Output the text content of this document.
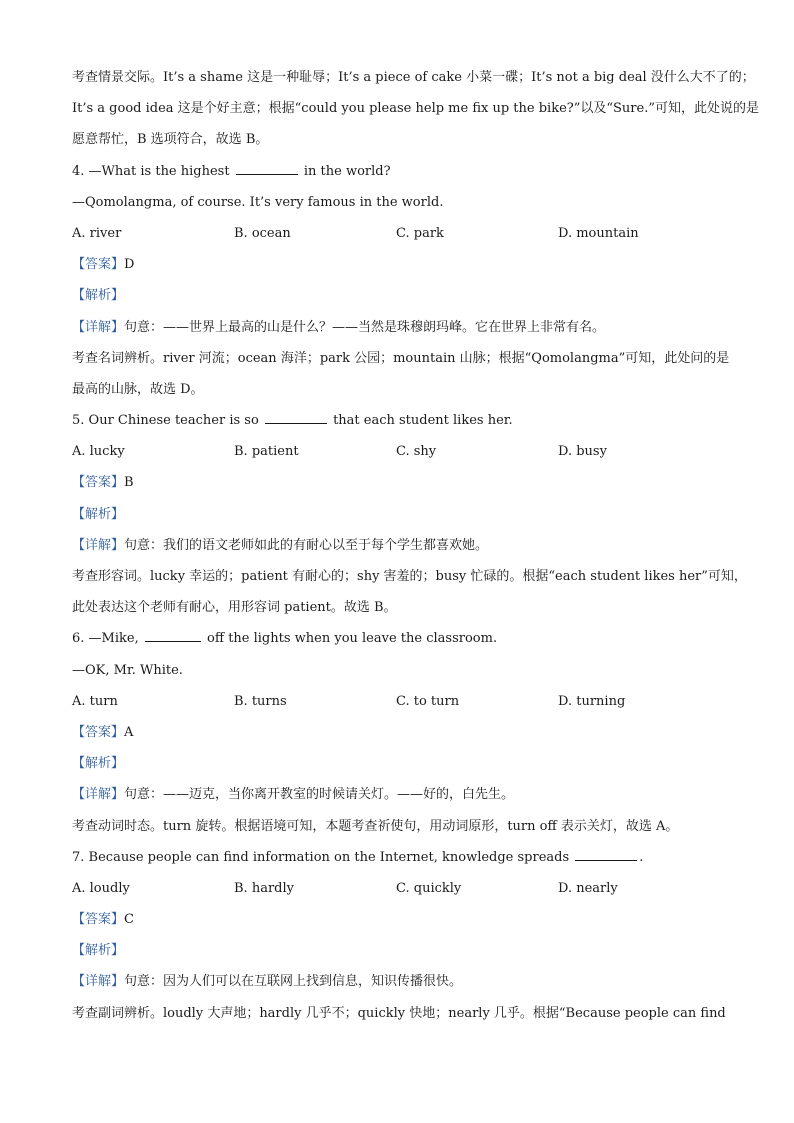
考查情景交际。It’s a shame 这是一种耻辱；It’s a piece of cake 小菜一碟；It’s not a big deal 没什么大不了的；
It’s a good idea 这是个好主意；根据“could you please help me fix up the bike?”以及“Sure.”可知，此处说的是
愿意帮忙，B 选项符合，故选 B。
4. —What is the highest	in the world?
—Qomolangma, of course. It’s very famous in the world.
A. river	B. ocean	C. park	D. mountain
【答案】D
【解析】
【详解】句意：——世界上最高的山是什么？——当然是珠穆朗玛峰。它在世界上非常有名。
考查名词辨析。river 河流；ocean 海洋；park 公园；mountain 山脉；根据“Qomolangma”可知，此处问的是
最高的山脉，故选 D。
5. Our Chinese teacher is so	that each student likes her.
A. lucky	B. patient	C. shy	D. busy
【答案】B
【解析】
【详解】句意：我们的语文老师如此的有耐心以至于每个学生都喜欢她。
考查形容词。lucky 幸运的；patient 有耐心的；shy 害羞的；busy 忙碌的。根据“each student likes her”可知，
此处表达这个老师有耐心，用形容词 patient。故选 B。
6. —Mike,	off the lights when you leave the classroom.
—OK, Mr. White.
A. turn	B. turns	C. to turn	D. turning
【答案】A
【解析】
【详解】句意：——迈克，当你离开教室的时候请关灯。——好的，白先生。
考查动词时态。turn 旋转。根据语境可知，本题考查祈使句，用动词原形，turn off 表示关灯，故选 A。
7. Because people can find information on the Internet, knowledge spreads	.
A. loudly	B. hardly	C. quickly	D. nearly
【答案】C
【解析】
【详解】句意：因为人们可以在互联网上找到信息，知识传播很快。
考查副词辨析。loudly 大声地；hardly 几乎不；quickly 快地；nearly 几乎。根据“Because people can find
